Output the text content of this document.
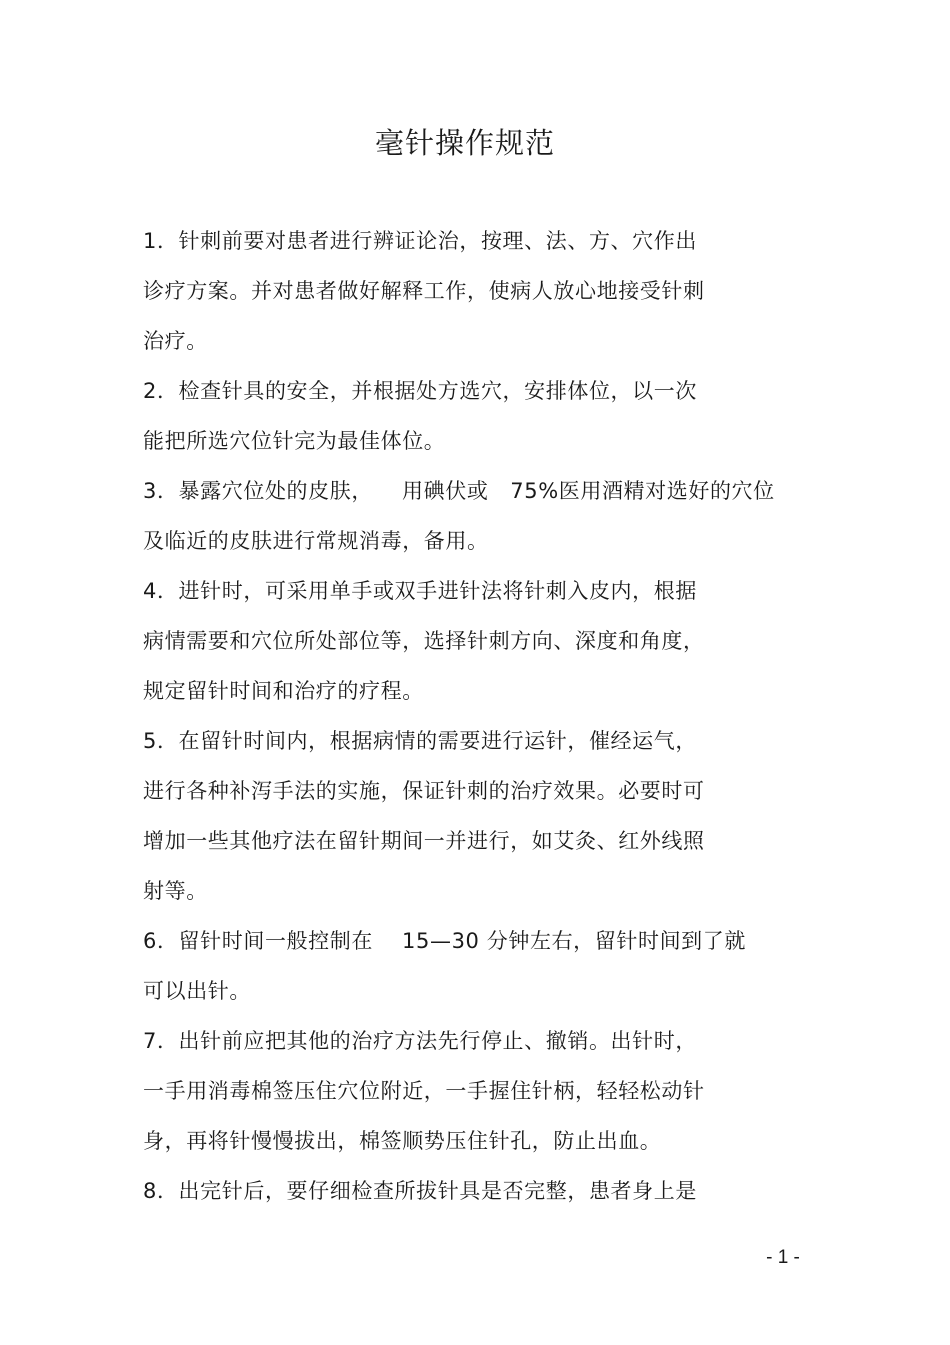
毫针操作规范
1．针刺前要对患者进行辨证论治，按理、法、方、穴作出
诊疗方案。并对患者做好解释工作，使病人放心地接受针刺
治疗。
2．检查针具的安全，并根据处方选穴，安排体位，以一次
能把所选穴位针完为最佳体位。
3．暴露穴位处的皮肤，    用碘伏或   75%医用酒精对选好的穴位
及临近的皮肤进行常规消毒，备用。
4．进针时，可采用单手或双手进针法将针刺入皮内，根据
病情需要和穴位所处部位等，选择针刺方向、深度和角度，
规定留针时间和治疗的疗程。
5．在留针时间内，根据病情的需要进行运针，催经运气，
进行各种补泻手法的实施，保证针刺的治疗效果。必要时可
增加一些其他疗法在留针期间一并进行，如艾灸、红外线照
射等。
6．留针时间一般控制在    15—30 分钟左右，留针时间到了就
可以出针。
7．出针前应把其他的治疗方法先行停止、撤销。出针时，
一手用消毒棉签压住穴位附近，一手握住针柄，轻轻松动针
身，再将针慢慢拔出，棉签顺势压住针孔，防止出血。
8．出完针后，要仔细检查所拔针具是否完整，患者身上是
- 1 -
